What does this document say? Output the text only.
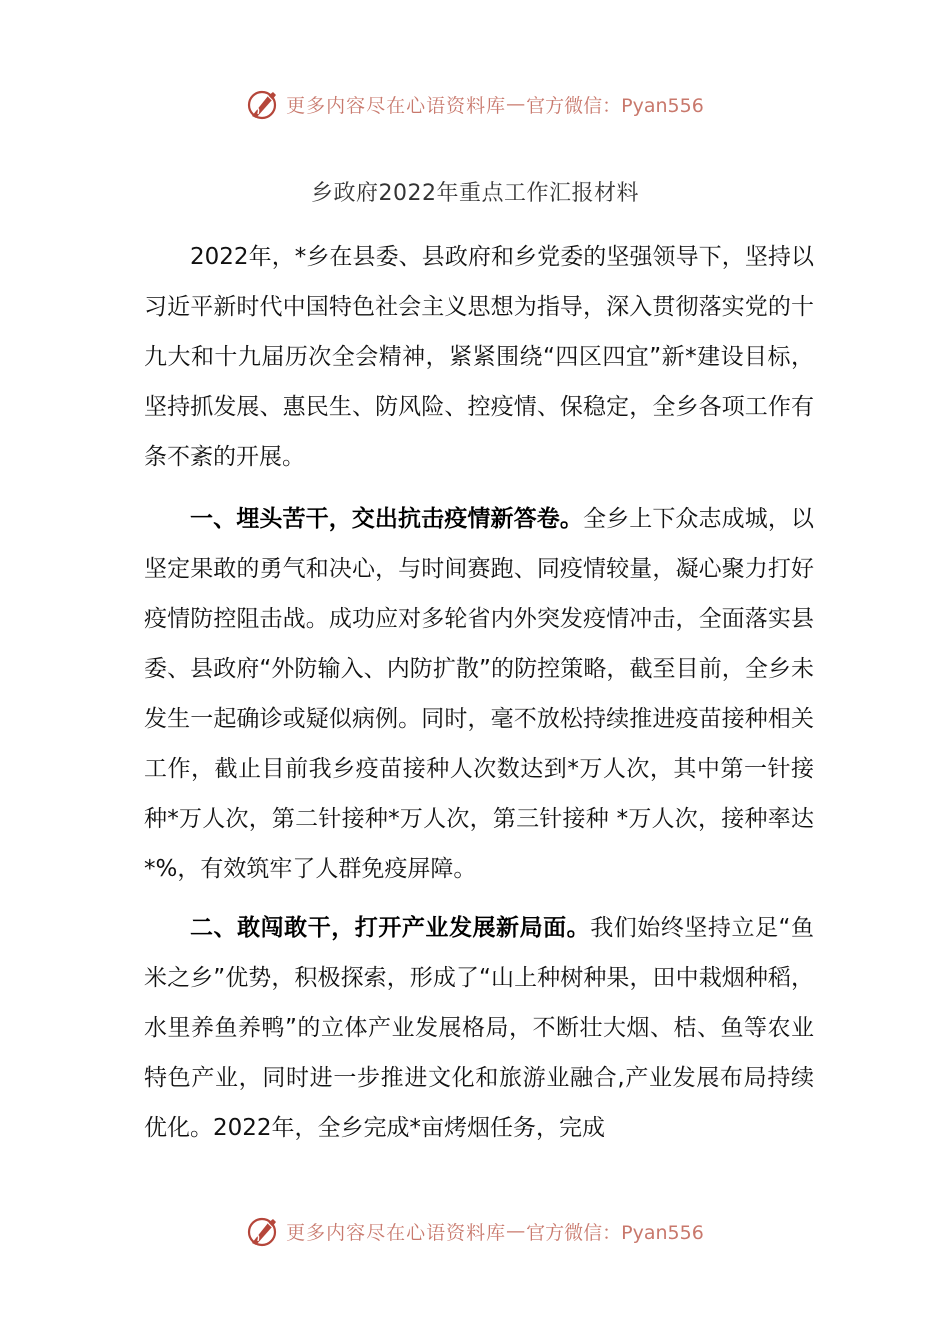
更多内容尽在心语资料库 — 官方微信：Pyan556
乡政府2022年重点工作汇报材料

2022年，*乡在县委、县政府和乡党委的坚强领导下，坚持以习近平新时代中国特色社会主义思想为指导，深入贯彻落实党的十九大和十九届历次全会精神，紧紧围绕“四区四宜”新*建设目标，坚持抓发展、惠民生、防风险、控疫情、保稳定，全乡各项工作有条不紊的开展。

一、埋头苦干，交出抗击疫情新答卷。全乡上下众志成城，以坚定果敢的勇气和决心，与时间赛跑、同疫情较量，凝心聚力打好疫情防控阻击战。成功应对多轮省内外突发疫情冲击，全面落实县委、县政府“外防输入、内防扩散”的防控策略，截至目前，全乡未发生一起确诊或疑似病例。同时，毫不放松持续推进疫苗接种相关工作，截止目前我乡疫苗接种人次数达到*万人次，其中第一针接种*万人次，第二针接种*万人次，第三针接种 *万人次，接种率达*%，有效筑牢了人群免疫屏障。

二、敢闯敢干，打开产业发展新局面。我们始终坚持立足“鱼米之乡”优势，积极探索，形成了“山上种树种果，田中栽烟种稻，水里养鱼养鸭”的立体产业发展格局，不断壮大烟、桔、鱼等农业特色产业，同时进一步推进文化和旅游业融合,产业发展布局持续优化。2022年，全乡完成*亩烤烟任务，完成

更多内容尽在心语资料库 — 官方微信：Pyan556
